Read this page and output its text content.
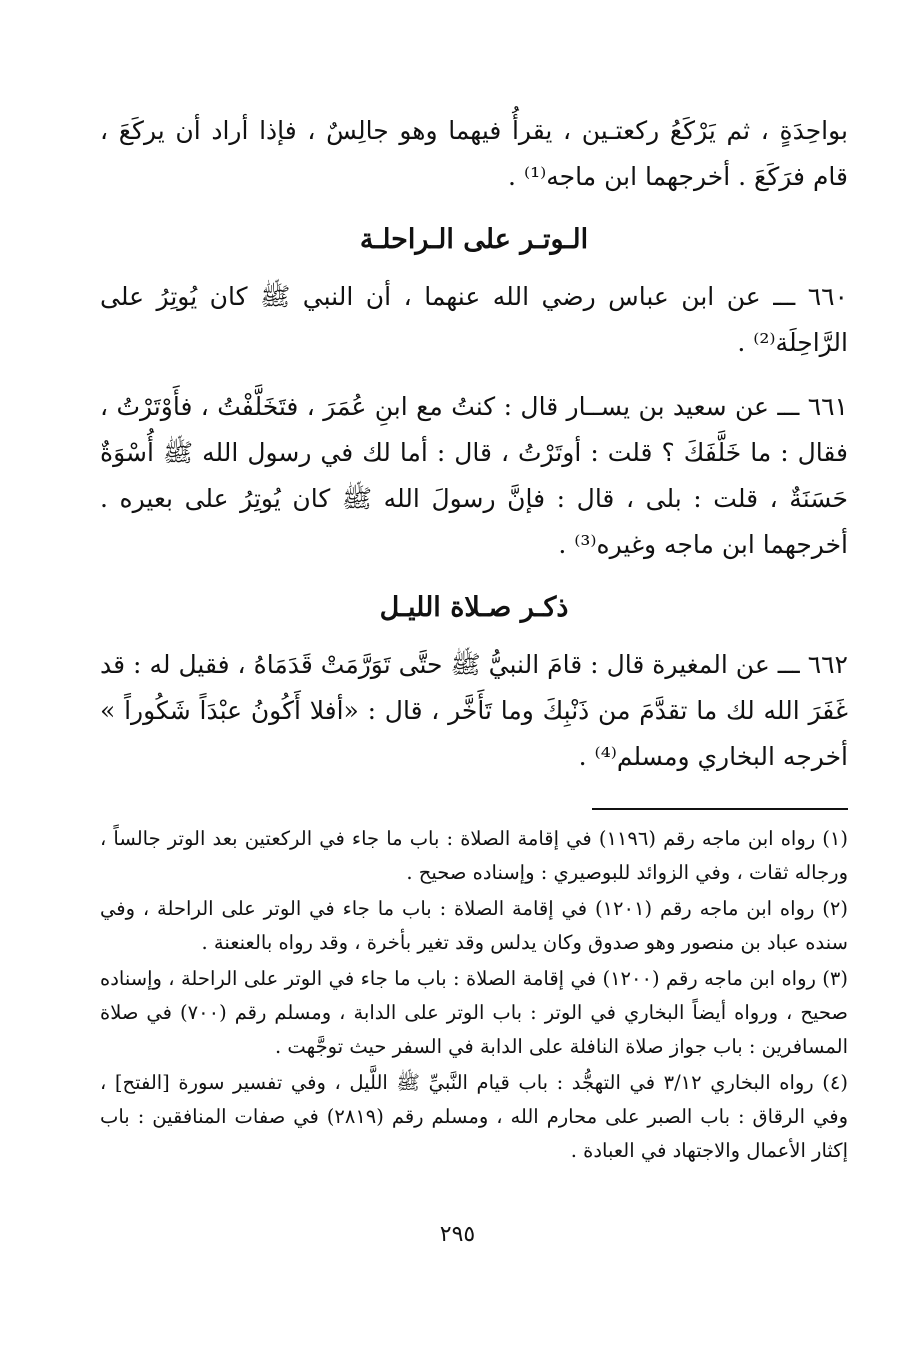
بواحِدَةٍ ، ثم يَرْكَعُ ركعتـين ، يقرأُ فيهما وهو جالِسٌ ، فإذا أراد أن يركَعَ ، قام فرَكَعَ . أخرجهما ابن ماجه⁽¹⁾ .

الـوتـر على الـراحلـة

٦٦٠ ـــ عن ابن عباس رضي الله عنهما ، أن النبي ﷺ كان يُوتِرُ على الرَّاحِلَة⁽²⁾ .

٦٦١ ـــ عن سعيد بن يســار قال : كنتُ مع ابنِ عُمَرَ ، فتَخَلَّفْتُ ، فأَوْتَرْتُ ، فقال : ما خَلَّفَكَ ؟ قلت : أوتَرْتُ ، قال : أما لك في رسول الله ﷺ أُسْوَةٌ حَسَنَةٌ ، قلت : بلى ، قال : فإنَّ رسولَ الله ﷺ كان يُوتِرُ على بعيره . أخرجهما ابن ماجه وغيره⁽³⁾ .

ذكـر صـلاة الليـل

٦٦٢ ـــ عن المغيرة قال : قامَ النبيُّ ﷺ حتَّى تَوَرَّمَتْ قَدَمَاهُ ، فقيل له : قد غَفَرَ الله لك ما تقدَّمَ من ذَنْبِكَ وما تَأَخَّر ، قال : «أفلا أَكُونُ عبْدَاً شَكُوراً » أخرجه البخاري ومسلم⁽⁴⁾ .

(١) رواه ابن ماجه رقم (١١٩٦) في إقامة الصلاة : باب ما جاء في الركعتين بعد الوتر جالساً ، ورجاله ثقات ، وفي الزوائد للبوصيري : وإسناده صحيح .

(٢) رواه ابن ماجه رقم (١٢٠١) في إقامة الصلاة : باب ما جاء في الوتر على الراحلة ، وفي سنده عباد بن منصور وهو صدوق وكان يدلس وقد تغير بأخرة ، وقد رواه بالعنعنة .

(٣) رواه ابن ماجه رقم (١٢٠٠) في إقامة الصلاة : باب ما جاء في الوتر على الراحلة ، وإسناده صحيح ، ورواه أيضاً البخاري في الوتر : باب الوتر على الدابة ، ومسلم رقم (٧٠٠) في صلاة المسافرين : باب جواز صلاة النافلة على الدابة في السفر حيث توجَّهت .

(٤) رواه البخاري ٣/١٢ في التهجُّد : باب قيام النَّبيِّ ﷺ اللَّيل ، وفي تفسير سورة [الفتح] ، وفي الرقاق : باب الصبر على محارم الله ، ومسلم رقم (٢٨١٩) في صفات المنافقين : باب إكثار الأعمال والاجتهاد في العبادة .

٢٩٥
